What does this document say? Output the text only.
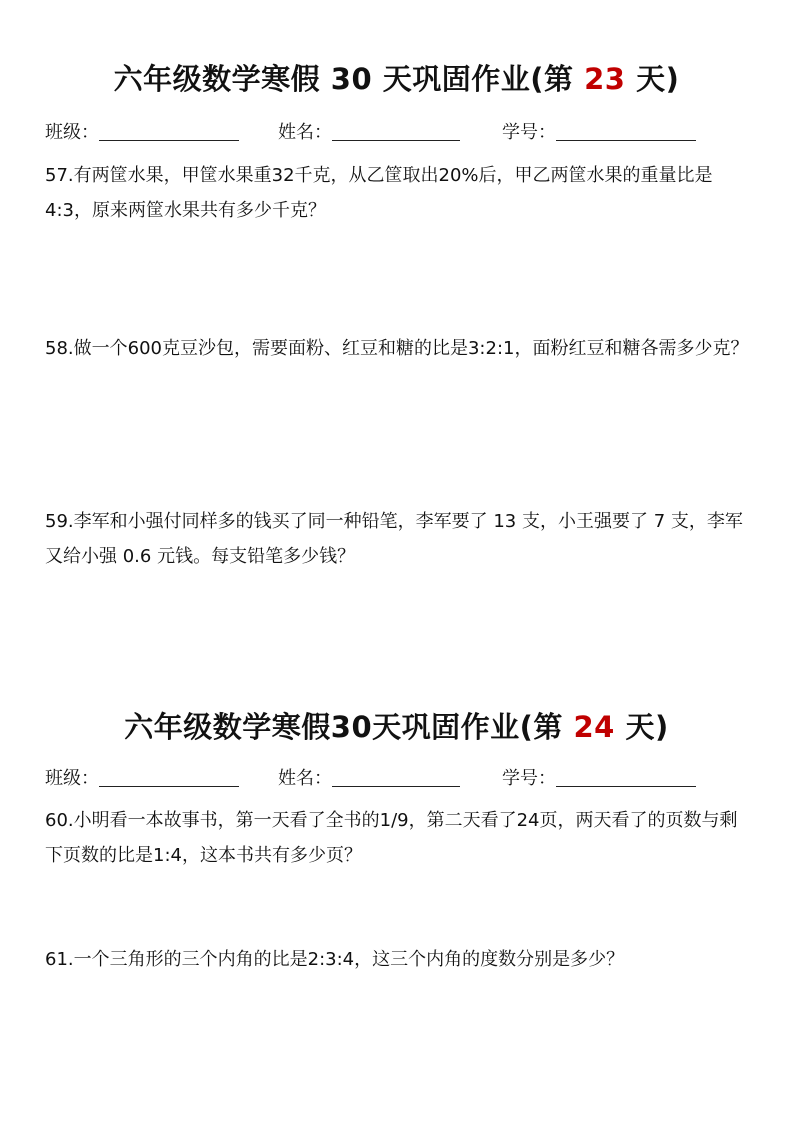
六年级数学寒假 30 天巩固作业(第 23 天)
班级：	姓名：	学号：

57.有两筐水果，甲筐水果重32千克，从乙筐取出20%后，甲乙两筐水果的重量比是4:3，原来两筐水果共有多少千克？

58.做一个600克豆沙包，需要面粉、红豆和糖的比是3:2:1，面粉红豆和糖各需多少克？

59.李军和小强付同样多的钱买了同一种铅笔，李军要了 13 支，小王强要了 7 支，李军又给小强 0.6 元钱。每支铅笔多少钱？

六年级数学寒假30天巩固作业(第 24 天)
班级：	姓名：	学号：

60.小明看一本故事书，第一天看了全书的1/9，第二天看了24页，两天看了的页数与剩下页数的比是1:4，这本书共有多少页？

61.一个三角形的三个内角的比是2:3:4，这三个内角的度数分别是多少？
